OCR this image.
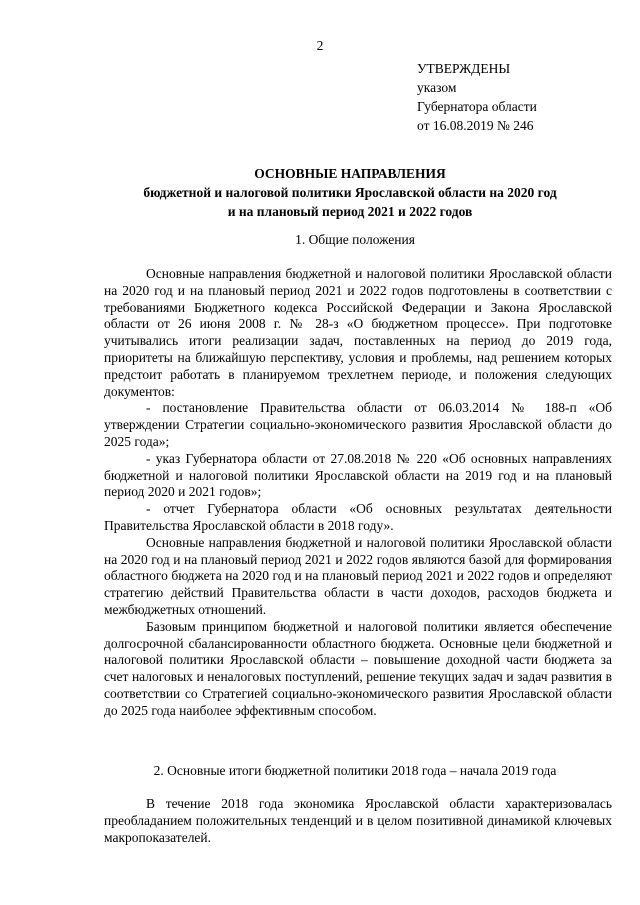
2
УТВЕРЖДЕНЫ
указом
Губернатора области
от 16.08.2019 № 246
ОСНОВНЫЕ НАПРАВЛЕНИЯ
бюджетной и налоговой политики Ярославской области на 2020 год
и на плановый период 2021 и 2022 годов
1. Общие положения

Основные направления бюджетной и налоговой политики Ярославской области на 2020 год и на плановый период 2021 и 2022 годов подготовлены в соответствии с требованиями Бюджетного кодекса Российской Федерации и Закона Ярославской области от 26 июня 2008 г. № 28-з «О бюджетном процессе». При подготовке учитывались итоги реализации задач, поставленных на период до 2019 года, приоритеты на ближайшую перспективу, условия и проблемы, над решением которых предстоит работать в планируемом трехлетнем периоде, и положения следующих документов:

- постановление Правительства области от 06.03.2014 № 188-п «Об утверждении Стратегии социально-экономического развития Ярославской области до 2025 года»;

- указ Губернатора области от 27.08.2018 № 220 «Об основных направлениях бюджетной и налоговой политики Ярославской области на 2019 год и на плановый период 2020 и 2021 годов»;

- отчет Губернатора области «Об основных результатах деятельности Правительства Ярославской области в 2018 году».

Основные направления бюджетной и налоговой политики Ярославской области на 2020 год и на плановый период 2021 и 2022 годов являются базой для формирования областного бюджета на 2020 год и на плановый период 2021 и 2022 годов и определяют стратегию действий Правительства области в части доходов, расходов бюджета и межбюджетных отношений.

Базовым принципом бюджетной и налоговой политики является обеспечение долгосрочной сбалансированности областного бюджета. Основные цели бюджетной и налоговой политики Ярославской области – повышение доходной части бюджета за счет налоговых и неналоговых поступлений, решение текущих задач и задач развития в соответствии со Стратегией социально-экономического развития Ярославской области до 2025 года наиболее эффективным способом.

2. Основные итоги бюджетной политики 2018 года – начала 2019 года

В течение 2018 года экономика Ярославской области характеризовалась преобладанием положительных тенденций и в целом позитивной динамикой ключевых макропоказателей.
